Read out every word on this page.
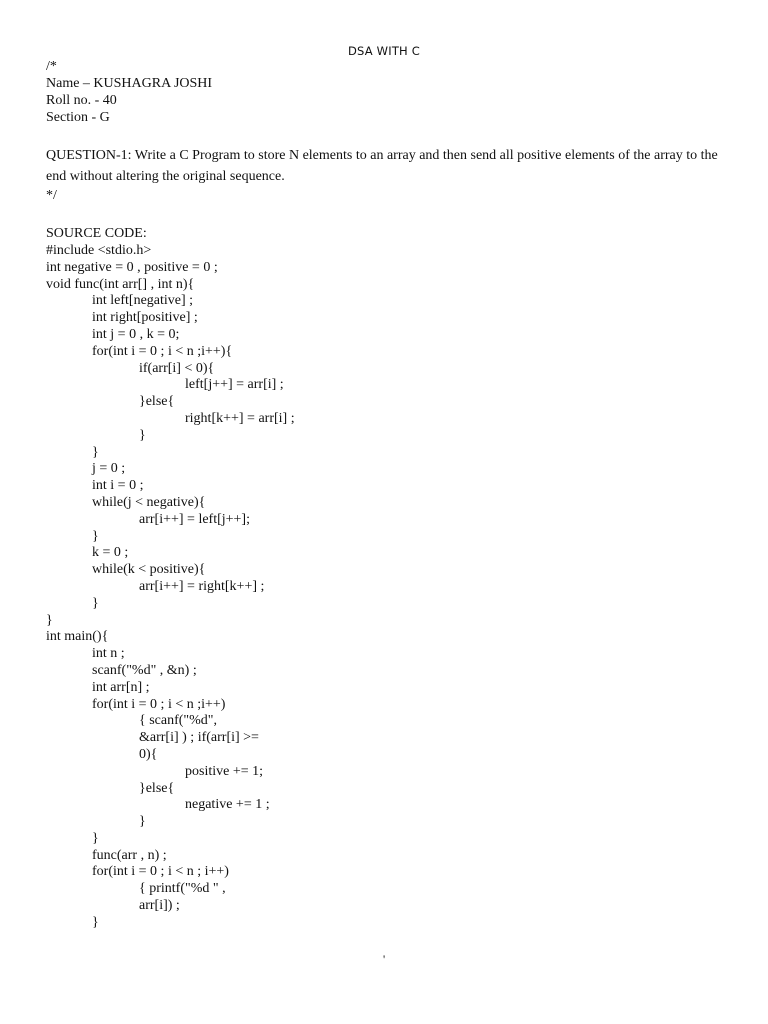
DSA WITH C
/*
Name – KUSHAGRA JOSHI
Roll no. - 40
Section - G
QUESTION-1: Write a C Program to store N elements to an array and then send all positive elements of the array to the end without altering the original sequence.
*/
SOURCE CODE:
#include <stdio.h>
int negative = 0 , positive = 0 ;
void func(int arr[] , int n){
int left[negative] ;
int right[positive] ;
int j = 0 , k = 0;
for(int i = 0 ; i < n ;i++){
if(arr[i] < 0){
left[j++] = arr[i] ;
}else{
right[k++] = arr[i] ;
}
}
j = 0 ;
int i = 0 ;
while(j < negative){
arr[i++] = left[j++];
}
k = 0 ;
while(k < positive){
arr[i++] = right[k++] ;
}
}
int main(){
int n ;
scanf("%d" , &n) ;
int arr[n] ;
for(int i = 0 ; i < n ;i++)
{ scanf("%d",
&arr[i] ) ; if(arr[i] >=
0){
positive += 1;
}else{
negative += 1 ;
}
}
func(arr , n) ;
for(int i = 0 ; i < n ; i++)
{ printf("%d " ,
arr[i]) ;
}
'
